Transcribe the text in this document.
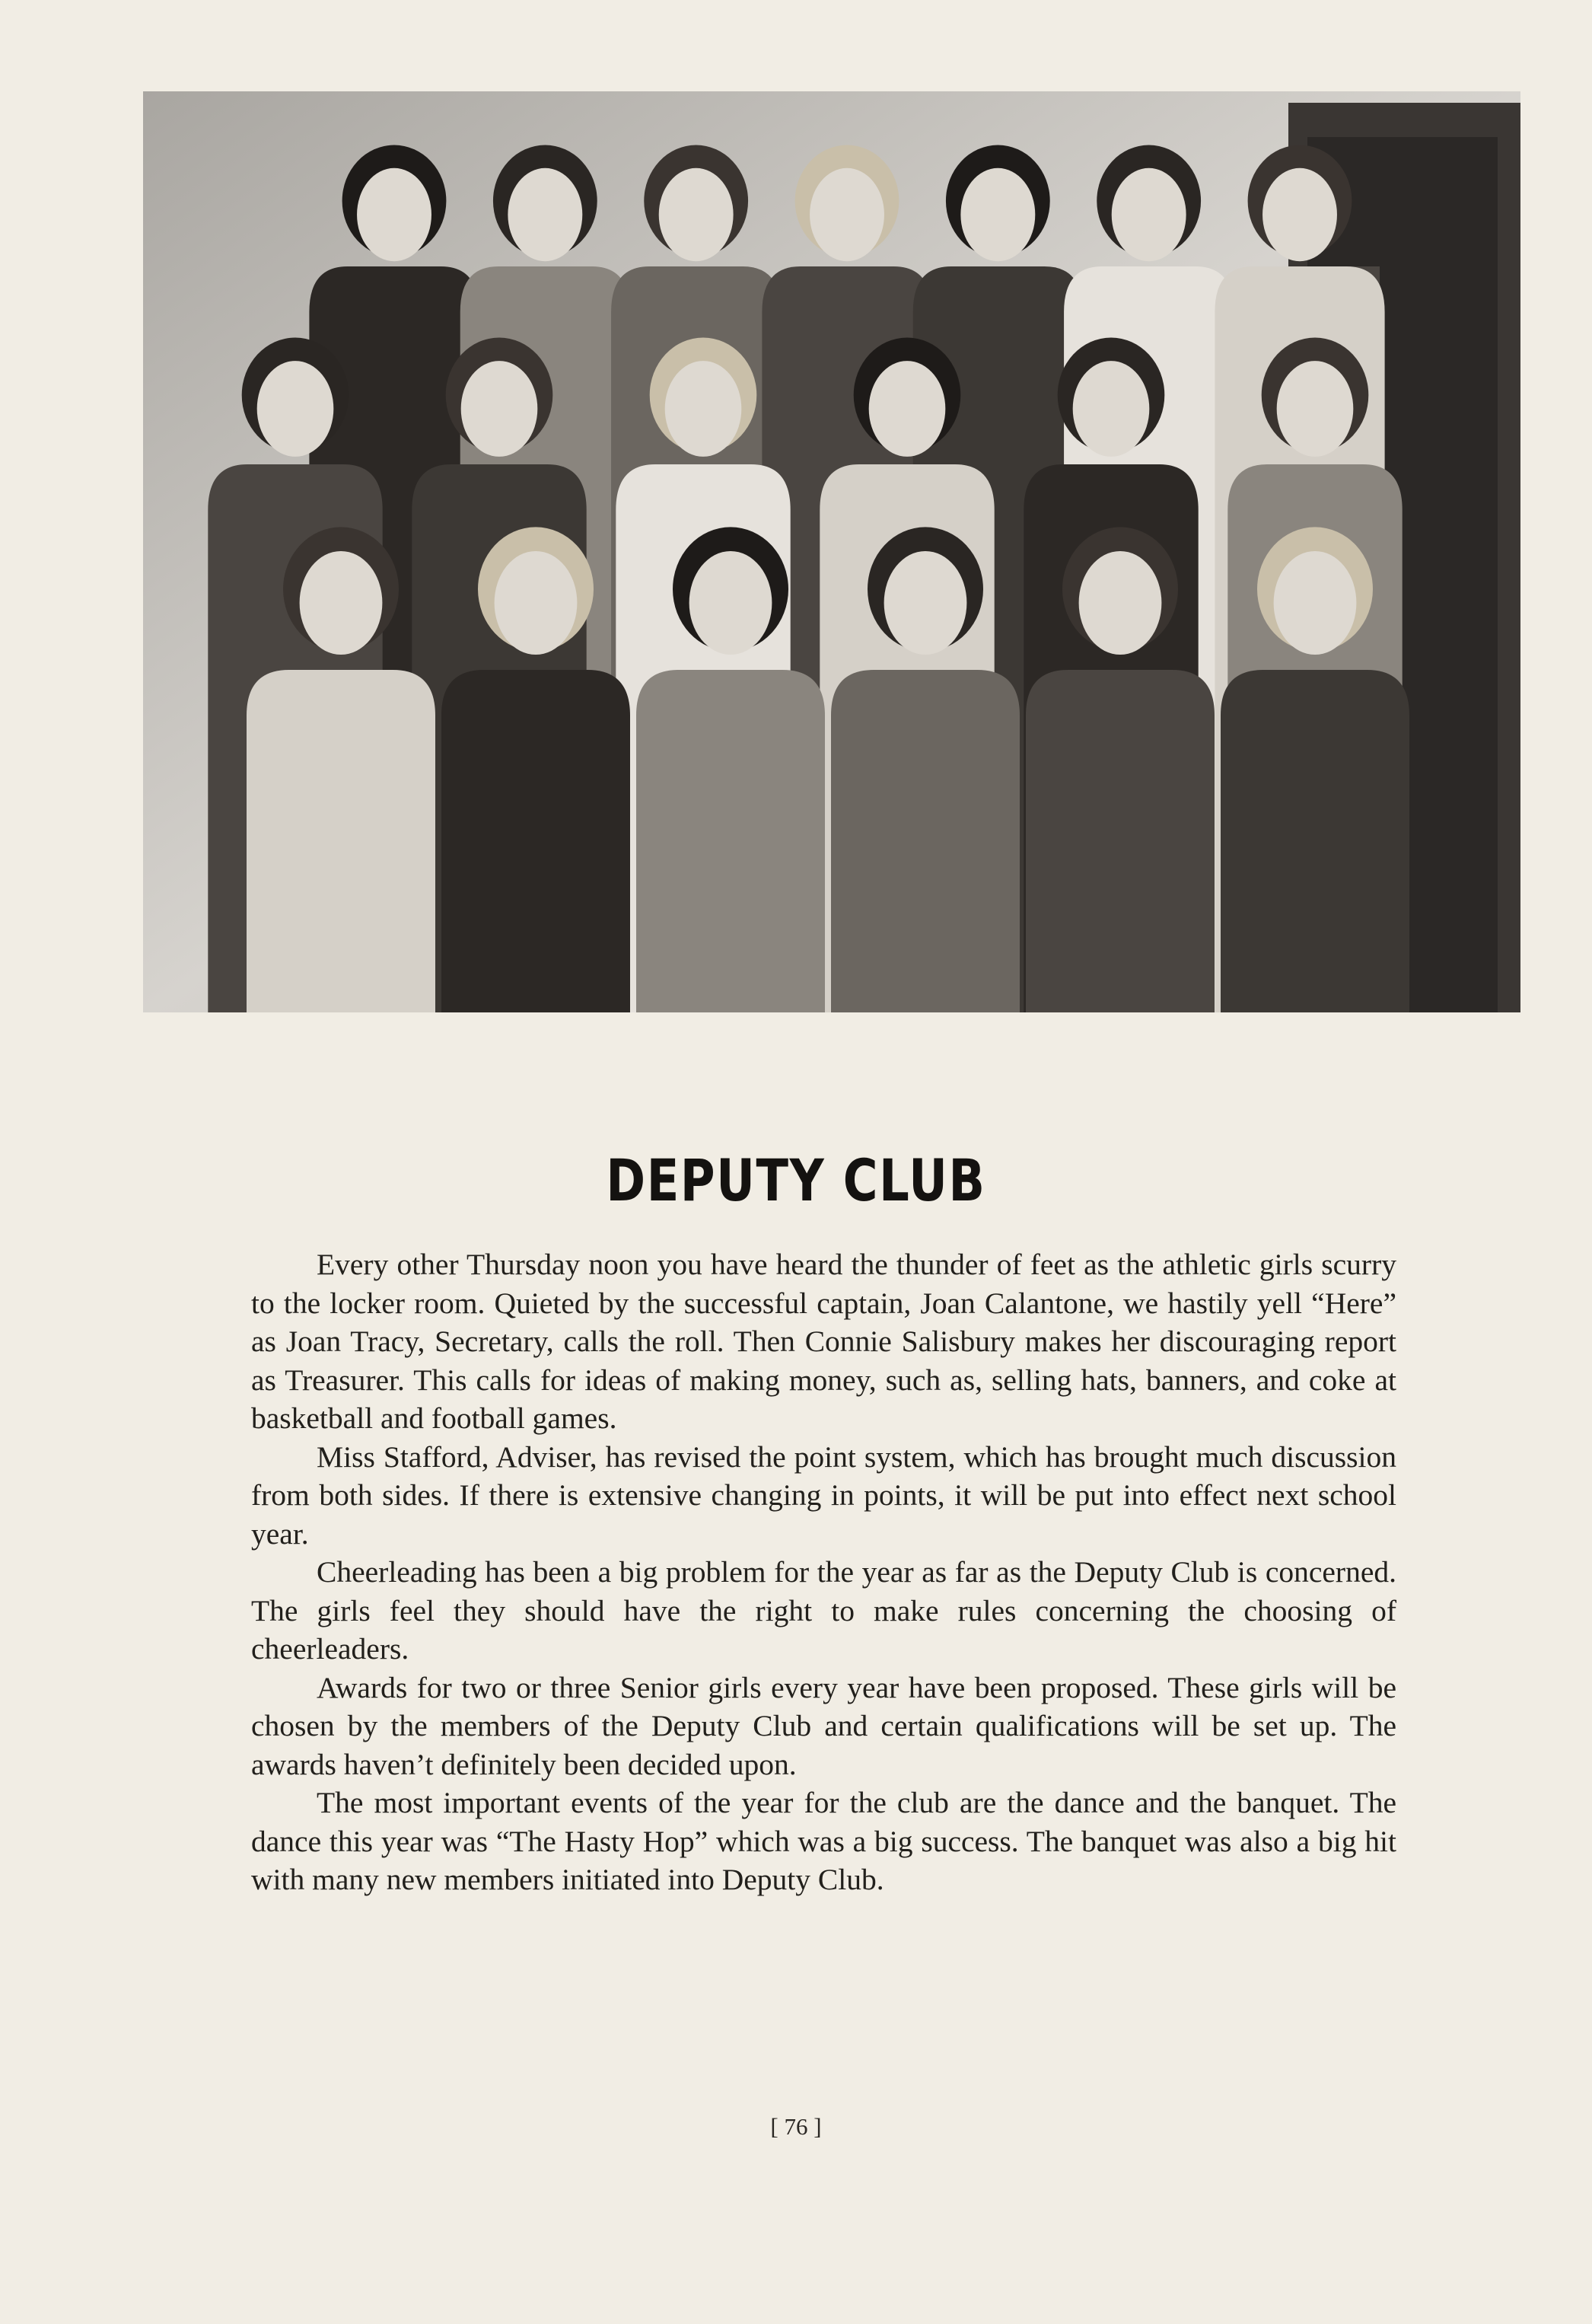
DEPUTY CLUB

Every other Thursday noon you have heard the thunder of feet as the athletic girls scurry to the locker room. Quieted by the successful captain, Joan Calantone, we hastily yell “Here” as Joan Tracy, Secretary, calls the roll. Then Connie Salisbury makes her discouraging report as Treasurer. This calls for ideas of making money, such as, selling hats, banners, and coke at basketball and football games.

Miss Stafford, Adviser, has revised the point system, which has brought much discussion from both sides. If there is extensive changing in points, it will be put into effect next school year.

Cheerleading has been a big problem for the year as far as the Deputy Club is concerned. The girls feel they should have the right to make rules concerning the choosing of cheerleaders.

Awards for two or three Senior girls every year have been proposed. These girls will be chosen by the members of the Deputy Club and certain qualifications will be set up. The awards haven’t definitely been decided upon.

The most important events of the year for the club are the dance and the banquet. The dance this year was “The Hasty Hop” which was a big success. The banquet was also a big hit with many new members initiated into Deputy Club.

[ 76 ]
